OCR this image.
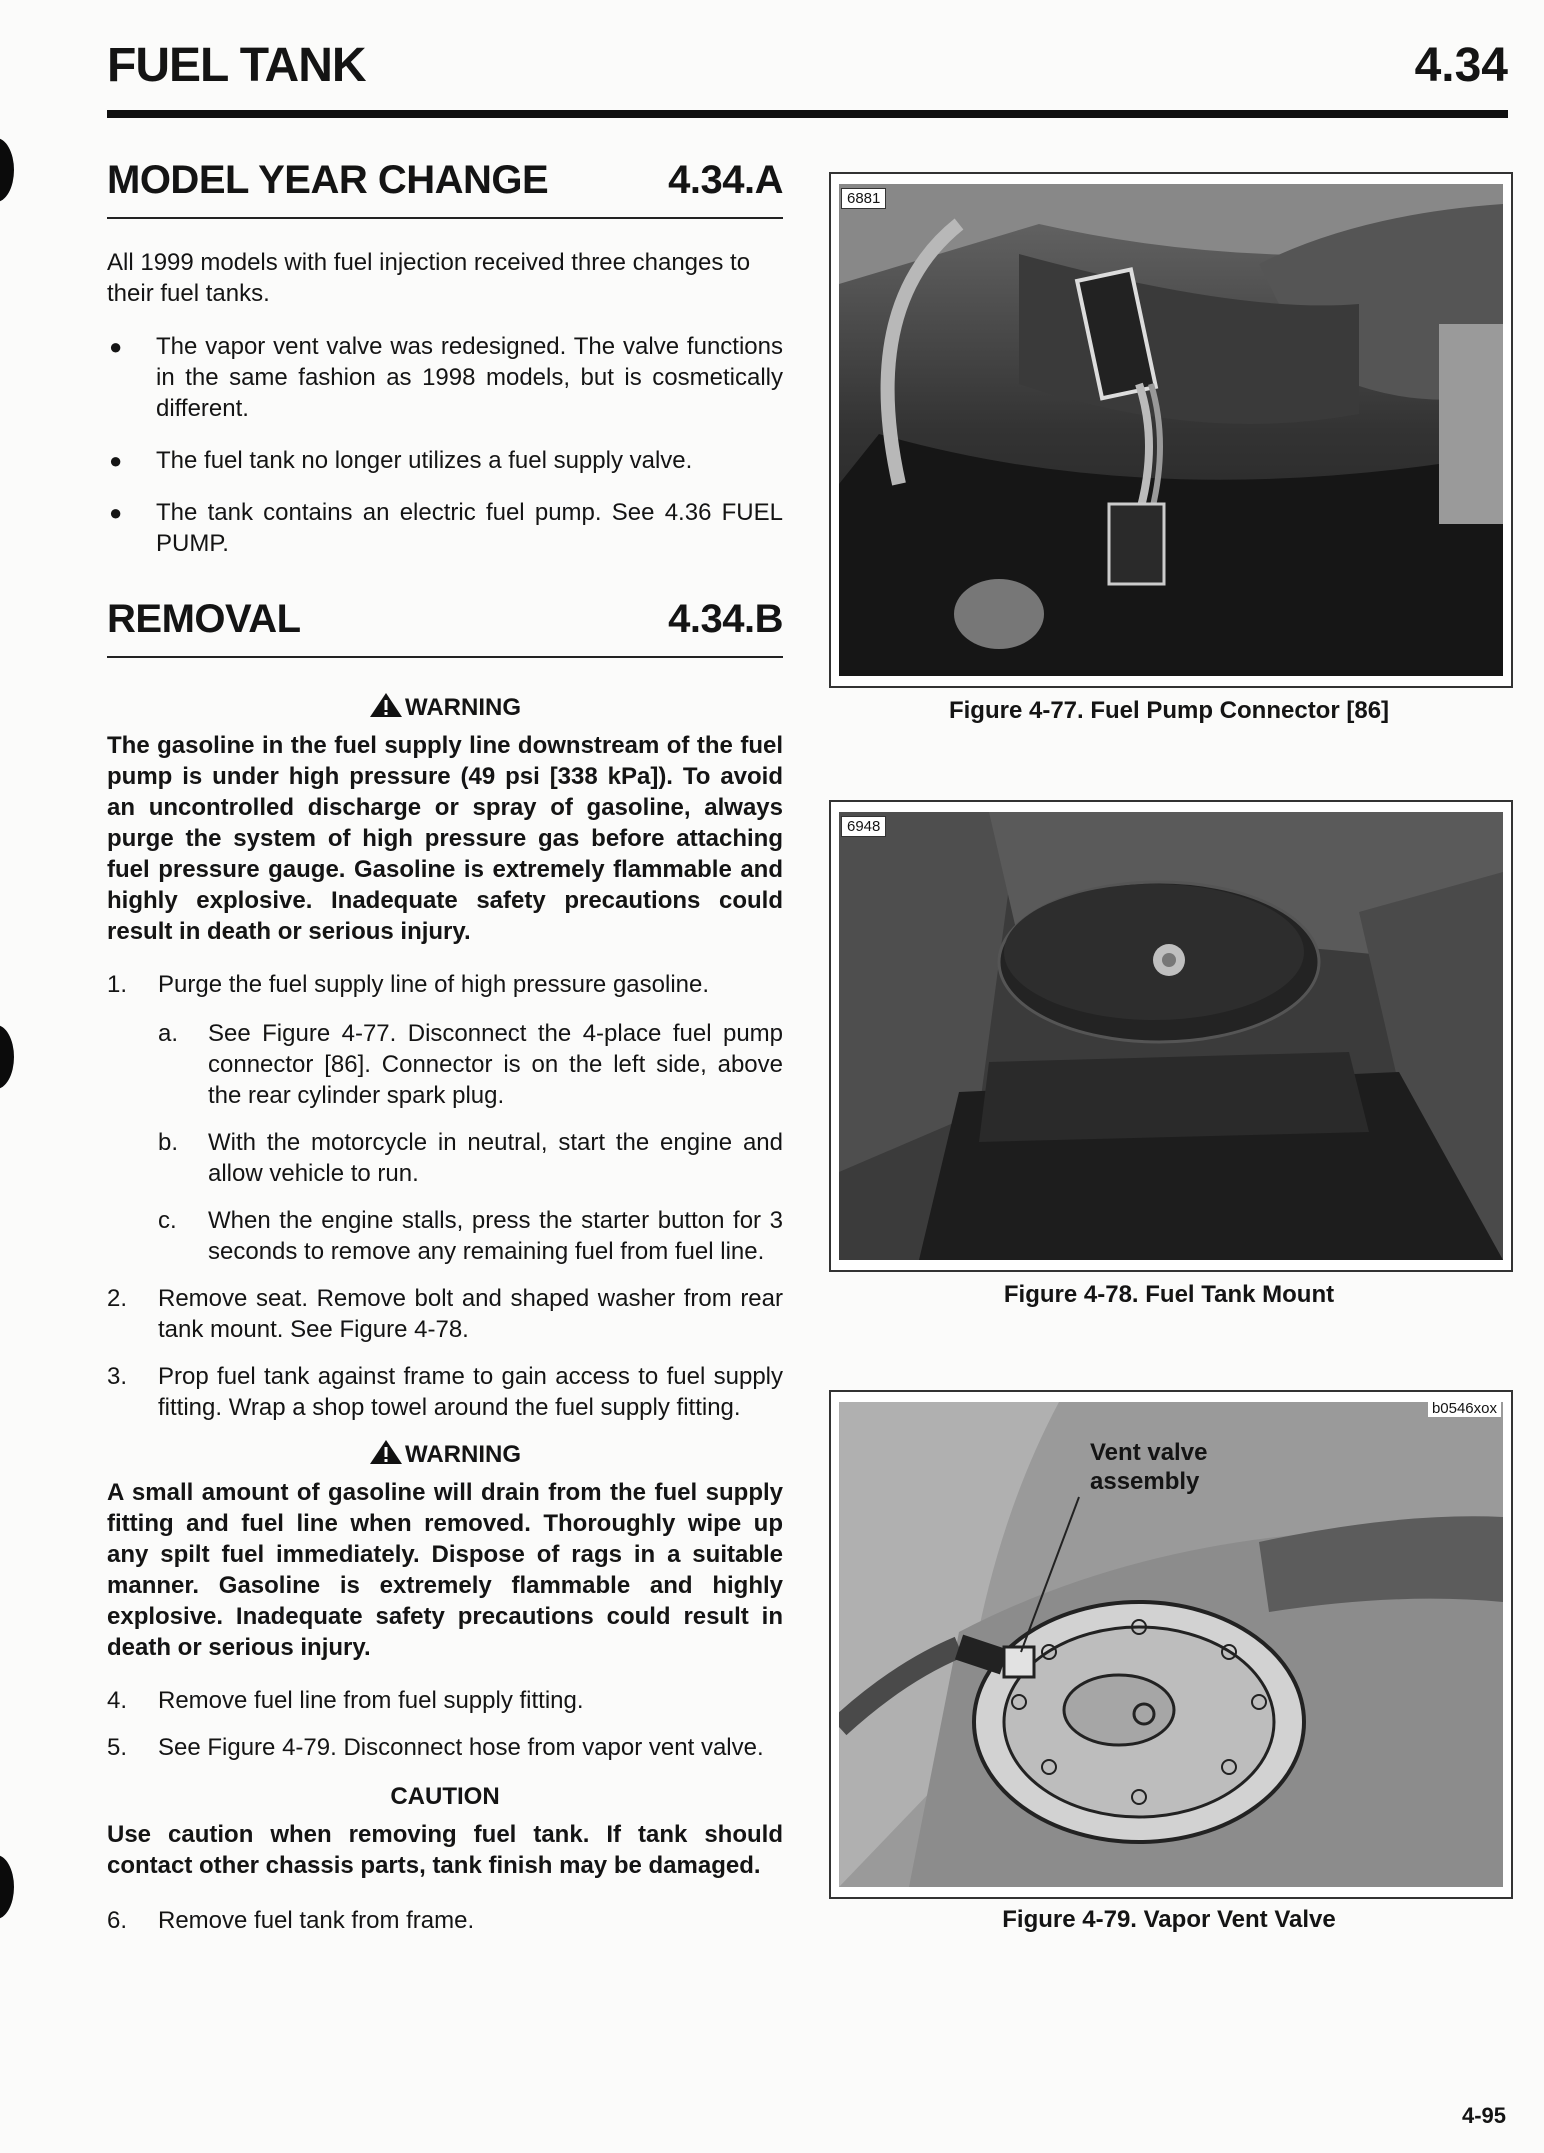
FUEL TANK	4.34
MODEL YEAR CHANGE	4.34.A

All 1999 models with fuel injection received three changes to their fuel tanks.

● The vapor vent valve was redesigned. The valve functions in the same fashion as 1998 models, but is cosmetically different.
● The fuel tank no longer utilizes a fuel supply valve.
● The tank contains an electric fuel pump. See 4.36 FUEL PUMP.
REMOVAL	4.34.B
WARNING

The gasoline in the fuel supply line downstream of the fuel pump is under high pressure (49 psi [338 kPa]). To avoid an uncontrolled discharge or spray of gasoline, always purge the system of high pressure gas before attaching fuel pressure gauge. Gasoline is extremely flammable and highly explosive. Inadequate safety precautions could result in death or serious injury.

1. Purge the fuel supply line of high pressure gasoline.
a. See Figure 4-77. Disconnect the 4-place fuel pump connector [86]. Connector is on the left side, above the rear cylinder spark plug.
b. With the motorcycle in neutral, start the engine and allow vehicle to run.
c. When the engine stalls, press the starter button for 3 seconds to remove any remaining fuel from fuel line.
2. Remove seat. Remove bolt and shaped washer from rear tank mount. See Figure 4-78.
3. Prop fuel tank against frame to gain access to fuel supply fitting. Wrap a shop towel around the fuel supply fitting.
WARNING

A small amount of gasoline will drain from the fuel supply fitting and fuel line when removed. Thoroughly wipe up any spilt fuel immediately. Dispose of rags in a suitable manner. Gasoline is extremely flammable and highly explosive. Inadequate safety precautions could result in death or serious injury.

4. Remove fuel line from fuel supply fitting.
5. See Figure 4-79. Disconnect hose from vapor vent valve.
CAUTION

Use caution when removing fuel tank. If tank should contact other chassis parts, tank finish may be damaged.

6. Remove fuel tank from frame.
6881
Figure 4-77. Fuel Pump Connector [86]
6948
Figure 4-78. Fuel Tank Mount
b0546xox
Vent valve assembly
Figure 4-79. Vapor Vent Valve
4-95
